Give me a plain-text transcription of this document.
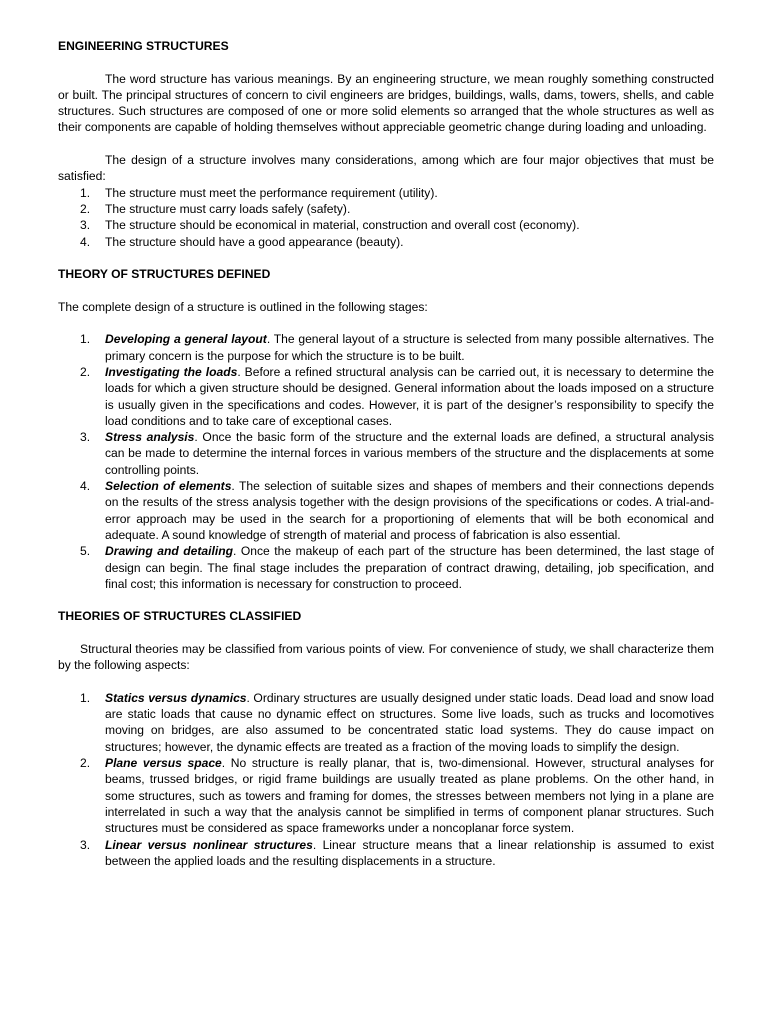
ENGINEERING STRUCTURES

The word structure has various meanings. By an engineering structure, we mean roughly something constructed or built. The principal structures of concern to civil engineers are bridges, buildings, walls, dams, towers, shells, and cable structures. Such structures are composed of one or more solid elements so arranged that the whole structures as well as their components are capable of holding themselves without appreciable geometric change during loading and unloading.

The design of a structure involves many considerations, among which are four major objectives that must be satisfied:

1. The structure must meet the performance requirement (utility).
2. The structure must carry loads safely (safety).
3. The structure should be economical in material, construction and overall cost (economy).
4. The structure should have a good appearance (beauty).

THEORY OF STRUCTURES DEFINED

The complete design of a structure is outlined in the following stages:

1. Developing a general layout. The general layout of a structure is selected from many possible alternatives. The primary concern is the purpose for which the structure is to be built.
2. Investigating the loads. Before a refined structural analysis can be carried out, it is necessary to determine the loads for which a given structure should be designed. General information about the loads imposed on a structure is usually given in the specifications and codes. However, it is part of the designer’s responsibility to specify the load conditions and to take care of exceptional cases.
3. Stress analysis. Once the basic form of the structure and the external loads are defined, a structural analysis can be made to determine the internal forces in various members of the structure and the displacements at some controlling points.
4. Selection of elements. The selection of suitable sizes and shapes of members and their connections depends on the results of the stress analysis together with the design provisions of the specifications or codes. A trial-and-error approach may be used in the search for a proportioning of elements that will be both economical and adequate. A sound knowledge of strength of material and process of fabrication is also essential.
5. Drawing and detailing. Once the makeup of each part of the structure has been determined, the last stage of design can begin. The final stage includes the preparation of contract drawing, detailing, job specification, and final cost; this information is necessary for construction to proceed.

THEORIES OF STRUCTURES CLASSIFIED

Structural theories may be classified from various points of view. For convenience of study, we shall characterize them by the following aspects:

1. Statics versus dynamics. Ordinary structures are usually designed under static loads. Dead load and snow load are static loads that cause no dynamic effect on structures. Some live loads, such as trucks and locomotives moving on bridges, are also assumed to be concentrated static load systems. They do cause impact on structures; however, the dynamic effects are treated as a fraction of the moving loads to simplify the design.
2. Plane versus space. No structure is really planar, that is, two-dimensional. However, structural analyses for beams, trussed bridges, or rigid frame buildings are usually treated as plane problems. On the other hand, in some structures, such as towers and framing for domes, the stresses between members not lying in a plane are interrelated in such a way that the analysis cannot be simplified in terms of component planar structures. Such structures must be considered as space frameworks under a noncoplanar force system.
3. Linear versus nonlinear structures. Linear structure means that a linear relationship is assumed to exist between the applied loads and the resulting displacements in a structure.
